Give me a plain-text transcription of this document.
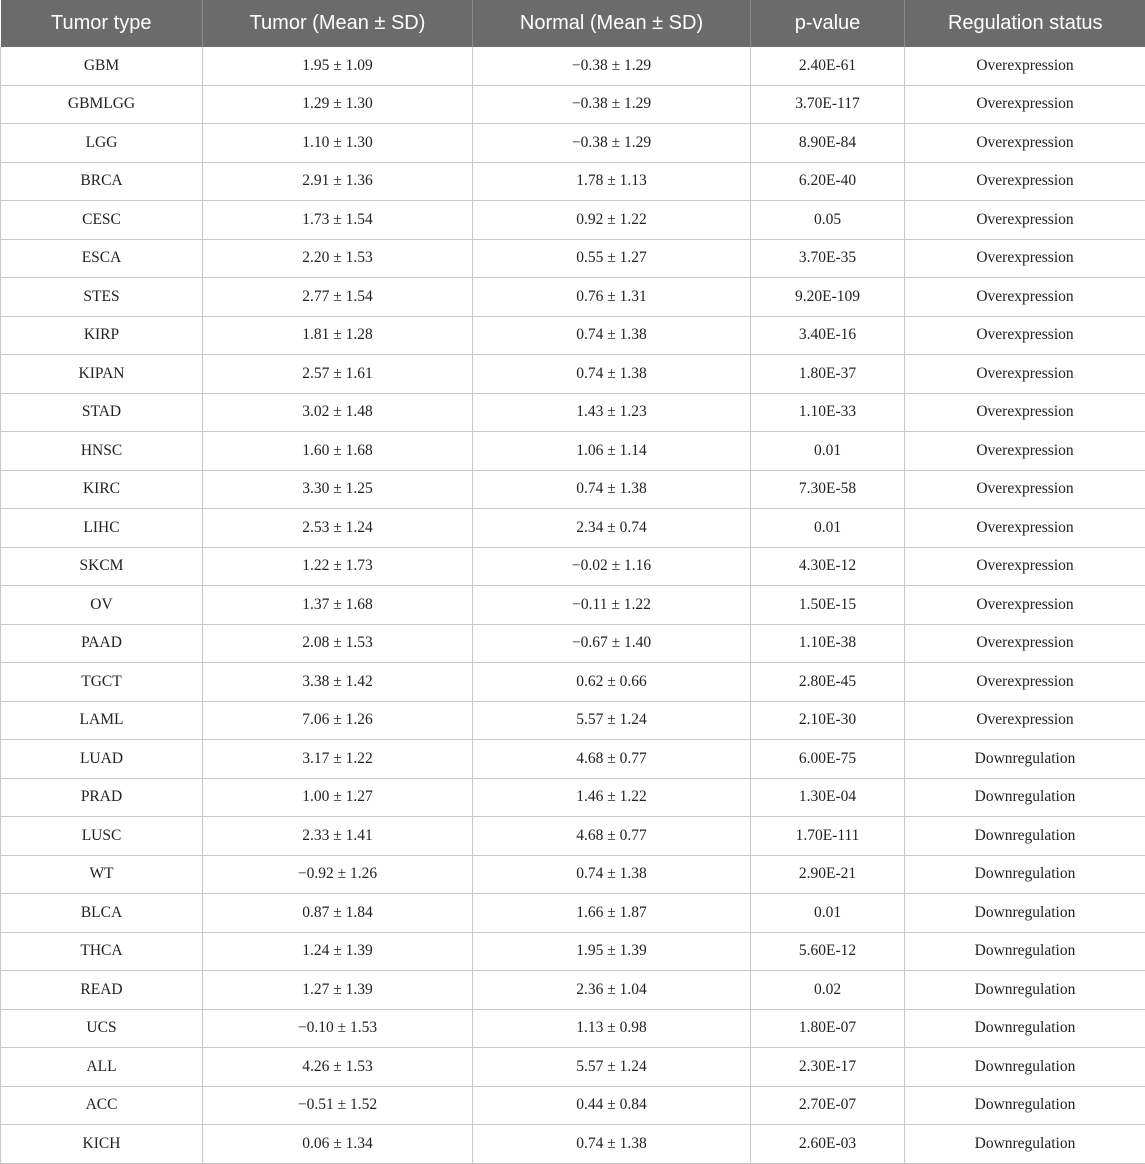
Tumor type	Tumor (Mean ± SD)	Normal (Mean ± SD)	p-value	Regulation status
GBM	1.95 ± 1.09	−0.38 ± 1.29	2.40E-61	Overexpression
GBMLGG	1.29 ± 1.30	−0.38 ± 1.29	3.70E-117	Overexpression
LGG	1.10 ± 1.30	−0.38 ± 1.29	8.90E-84	Overexpression
BRCA	2.91 ± 1.36	1.78 ± 1.13	6.20E-40	Overexpression
CESC	1.73 ± 1.54	0.92 ± 1.22	0.05	Overexpression
ESCA	2.20 ± 1.53	0.55 ± 1.27	3.70E-35	Overexpression
STES	2.77 ± 1.54	0.76 ± 1.31	9.20E-109	Overexpression
KIRP	1.81 ± 1.28	0.74 ± 1.38	3.40E-16	Overexpression
KIPAN	2.57 ± 1.61	0.74 ± 1.38	1.80E-37	Overexpression
STAD	3.02 ± 1.48	1.43 ± 1.23	1.10E-33	Overexpression
HNSC	1.60 ± 1.68	1.06 ± 1.14	0.01	Overexpression
KIRC	3.30 ± 1.25	0.74 ± 1.38	7.30E-58	Overexpression
LIHC	2.53 ± 1.24	2.34 ± 0.74	0.01	Overexpression
SKCM	1.22 ± 1.73	−0.02 ± 1.16	4.30E-12	Overexpression
OV	1.37 ± 1.68	−0.11 ± 1.22	1.50E-15	Overexpression
PAAD	2.08 ± 1.53	−0.67 ± 1.40	1.10E-38	Overexpression
TGCT	3.38 ± 1.42	0.62 ± 0.66	2.80E-45	Overexpression
LAML	7.06 ± 1.26	5.57 ± 1.24	2.10E-30	Overexpression
LUAD	3.17 ± 1.22	4.68 ± 0.77	6.00E-75	Downregulation
PRAD	1.00 ± 1.27	1.46 ± 1.22	1.30E-04	Downregulation
LUSC	2.33 ± 1.41	4.68 ± 0.77	1.70E-111	Downregulation
WT	−0.92 ± 1.26	0.74 ± 1.38	2.90E-21	Downregulation
BLCA	0.87 ± 1.84	1.66 ± 1.87	0.01	Downregulation
THCA	1.24 ± 1.39	1.95 ± 1.39	5.60E-12	Downregulation
READ	1.27 ± 1.39	2.36 ± 1.04	0.02	Downregulation
UCS	−0.10 ± 1.53	1.13 ± 0.98	1.80E-07	Downregulation
ALL	4.26 ± 1.53	5.57 ± 1.24	2.30E-17	Downregulation
ACC	−0.51 ± 1.52	0.44 ± 0.84	2.70E-07	Downregulation
KICH	0.06 ± 1.34	0.74 ± 1.38	2.60E-03	Downregulation
